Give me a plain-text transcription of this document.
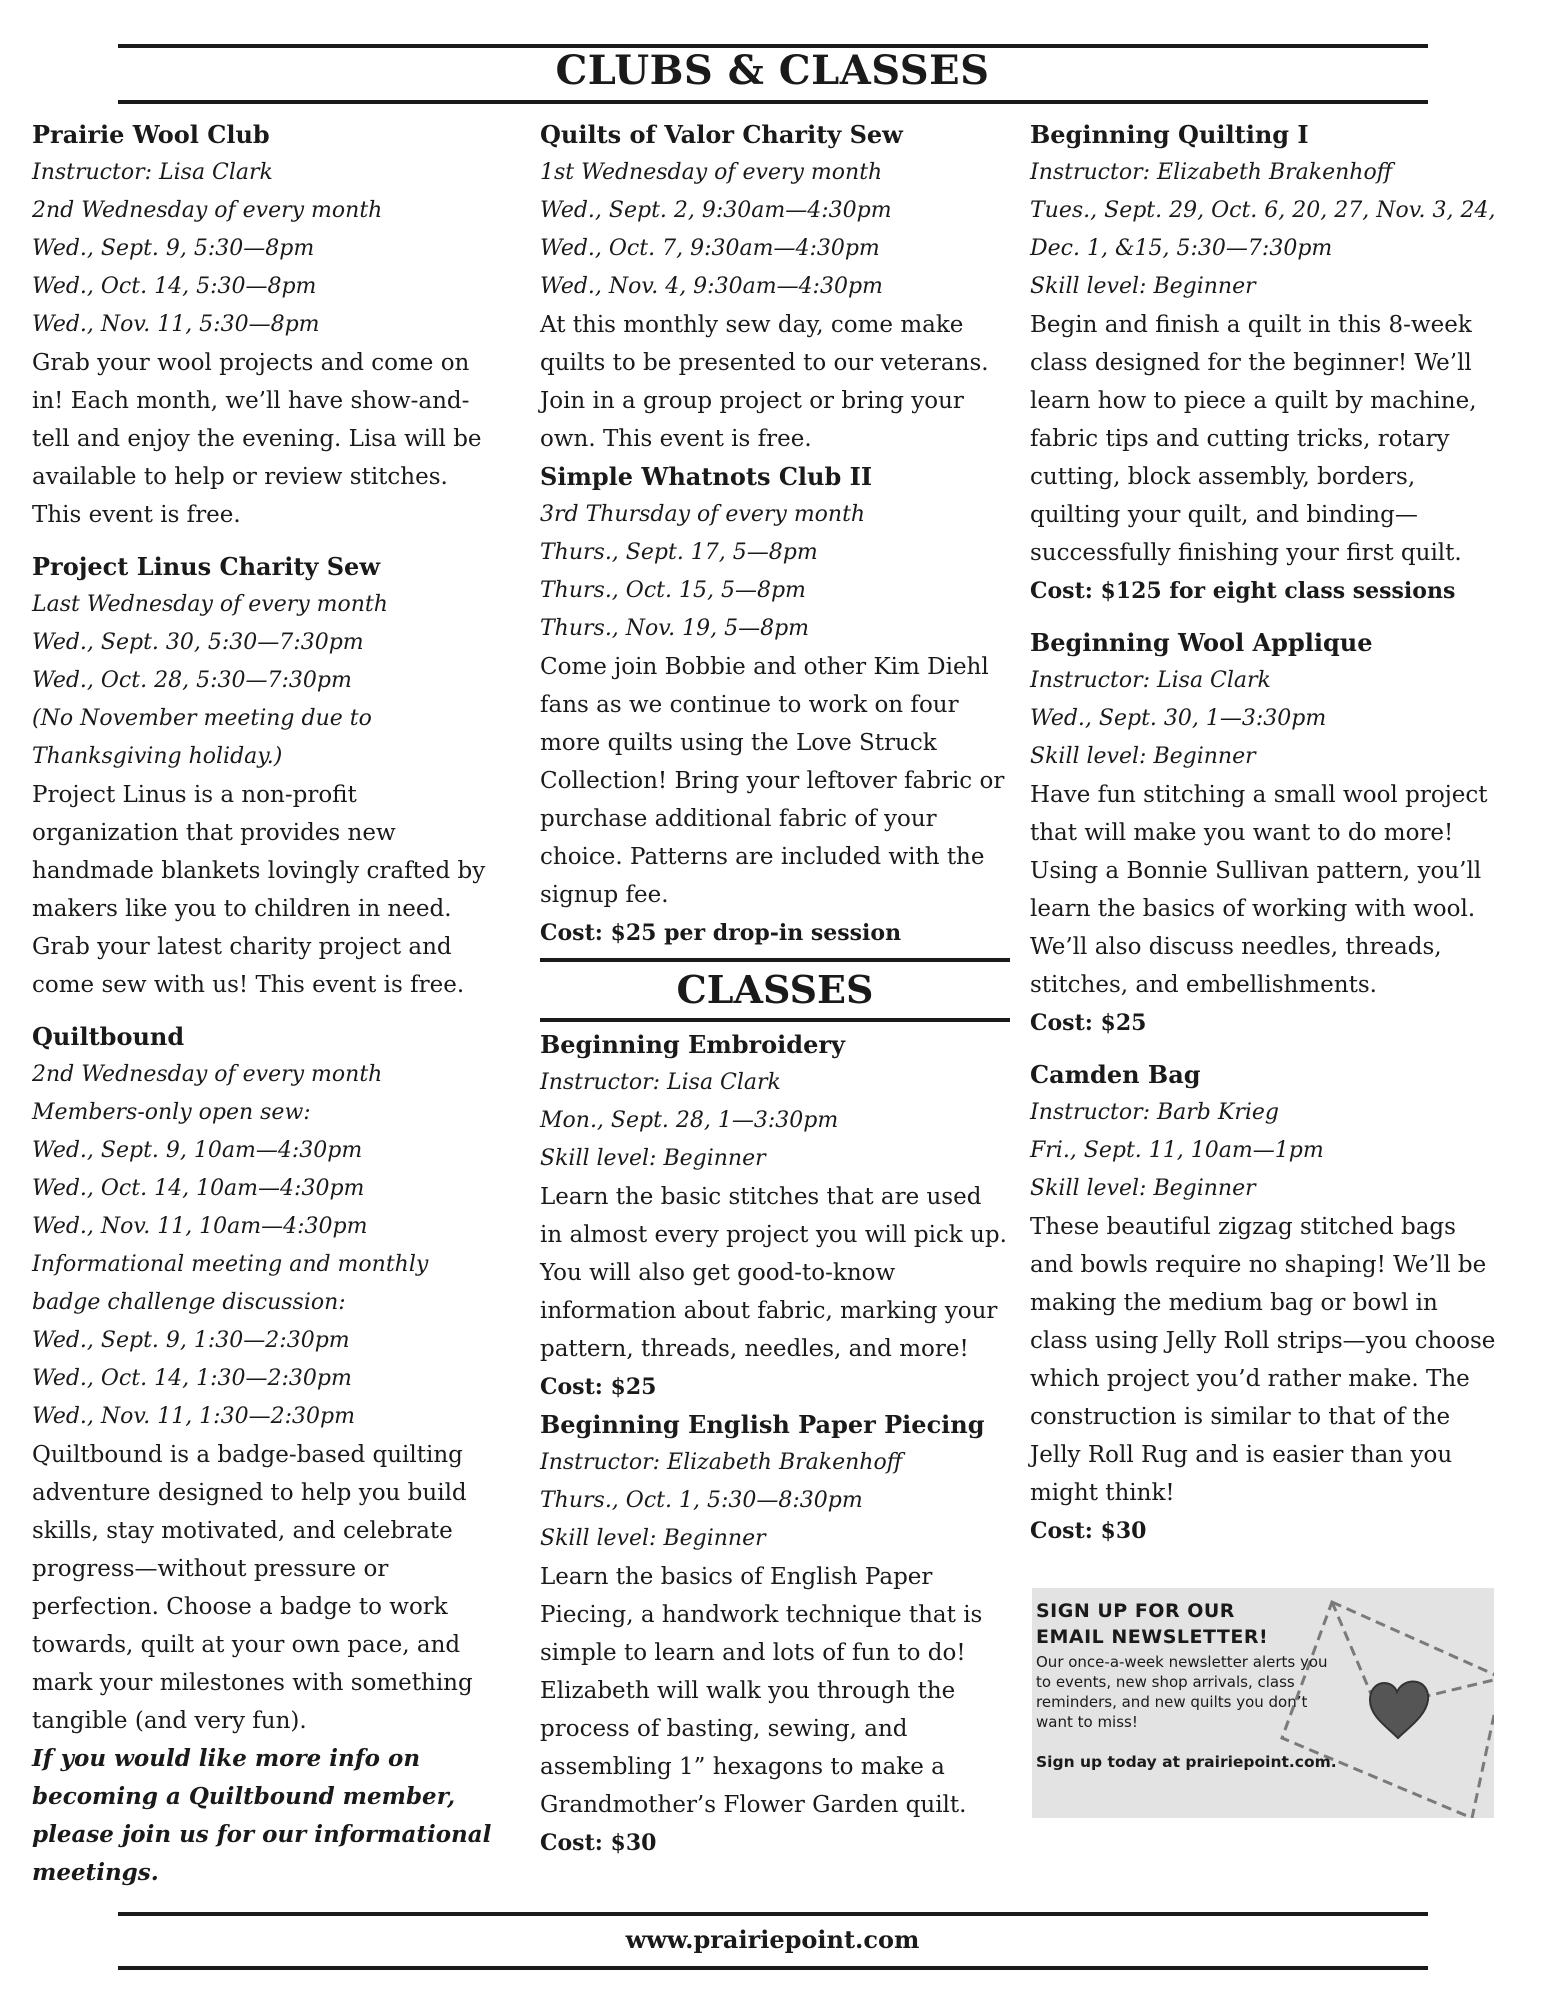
CLUBS & CLASSES
Prairie Wool Club
Instructor: Lisa Clark
2nd Wednesday of every month
Wed., Sept. 9, 5:30—8pm
Wed., Oct. 14, 5:30—8pm
Wed., Nov. 11, 5:30—8pm
Grab your wool projects and come on in! Each month, we’ll have show-and-tell and enjoy the evening. Lisa will be available to help or review stitches. This event is free.
Project Linus Charity Sew
Last Wednesday of every month
Wed., Sept. 30, 5:30—7:30pm
Wed., Oct. 28, 5:30—7:30pm
(No November meeting due to Thanksgiving holiday.)
Project Linus is a non-profit organization that provides new handmade blankets lovingly crafted by makers like you to children in need. Grab your latest charity project and come sew with us! This event is free.
Quiltbound
2nd Wednesday of every month
Members-only open sew:
Wed., Sept. 9, 10am—4:30pm
Wed., Oct. 14, 10am—4:30pm
Wed., Nov. 11, 10am—4:30pm
Informational meeting and monthly badge challenge discussion:
Wed., Sept. 9, 1:30—2:30pm
Wed., Oct. 14, 1:30—2:30pm
Wed., Nov. 11, 1:30—2:30pm
Quiltbound is a badge-based quilting adventure designed to help you build skills, stay motivated, and celebrate progress—without pressure or perfection. Choose a badge to work towards, quilt at your own pace, and mark your milestones with something tangible (and very fun).
If you would like more info on becoming a Quiltbound member, please join us for our informational meetings.
Quilts of Valor Charity Sew
1st Wednesday of every month
Wed., Sept. 2, 9:30am—4:30pm
Wed., Oct. 7, 9:30am—4:30pm
Wed., Nov. 4, 9:30am—4:30pm
At this monthly sew day, come make quilts to be presented to our veterans. Join in a group project or bring your own. This event is free.
Simple Whatnots Club II
3rd Thursday of every month
Thurs., Sept. 17, 5—8pm
Thurs., Oct. 15, 5—8pm
Thurs., Nov. 19, 5—8pm
Come join Bobbie and other Kim Diehl fans as we continue to work on four more quilts using the Love Struck Collection! Bring your leftover fabric or purchase additional fabric of your choice. Patterns are included with the signup fee.
Cost: $25 per drop-in session
CLASSES
Beginning Embroidery
Instructor: Lisa Clark
Mon., Sept. 28, 1—3:30pm
Skill level: Beginner
Learn the basic stitches that are used in almost every project you will pick up. You will also get good-to-know information about fabric, marking your pattern, threads, needles, and more!
Cost: $25
Beginning English Paper Piecing
Instructor: Elizabeth Brakenhoff
Thurs., Oct. 1, 5:30—8:30pm
Skill level: Beginner
Learn the basics of English Paper Piecing, a handwork technique that is simple to learn and lots of fun to do! Elizabeth will walk you through the process of basting, sewing, and assembling 1” hexagons to make a Grandmother’s Flower Garden quilt.
Cost: $30
Beginning Quilting I
Instructor: Elizabeth Brakenhoff
Tues., Sept. 29, Oct. 6, 20, 27, Nov. 3, 24, Dec. 1, &15, 5:30—7:30pm
Skill level: Beginner
Begin and finish a quilt in this 8-week class designed for the beginner! We’ll learn how to piece a quilt by machine, fabric tips and cutting tricks, rotary cutting, block assembly, borders, quilting your quilt, and binding—successfully finishing your first quilt.
Cost: $125 for eight class sessions
Beginning Wool Applique
Instructor: Lisa Clark
Wed., Sept. 30, 1—3:30pm
Skill level: Beginner
Have fun stitching a small wool project that will make you want to do more! Using a Bonnie Sullivan pattern, you’ll learn the basics of working with wool. We’ll also discuss needles, threads, stitches, and embellishments.
Cost: $25
Camden Bag
Instructor: Barb Krieg
Fri., Sept. 11, 10am—1pm
Skill level: Beginner
These beautiful zigzag stitched bags and bowls require no shaping! We’ll be making the medium bag or bowl in class using Jelly Roll strips—you choose which project you’d rather make. The construction is similar to that of the Jelly Roll Rug and is easier than you might think!
Cost: $30
SIGN UP FOR OUR
EMAIL NEWSLETTER!
Our once-a-week newsletter alerts you to events, new shop arrivals, class reminders, and new quilts you don’t want to miss!
Sign up today at prairiepoint.com.
www.prairiepoint.com
